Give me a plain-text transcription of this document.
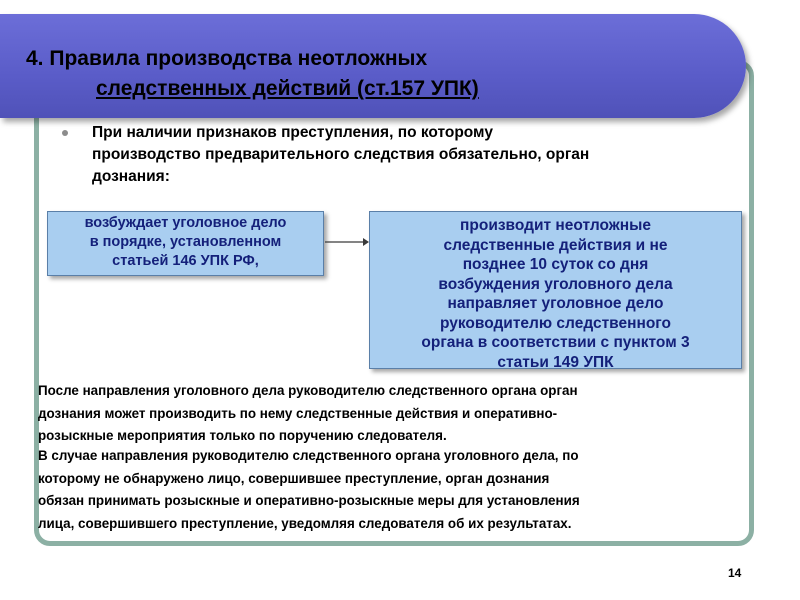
4. Правила производства неотложных
следственных действий (ст.157 УПК)
При наличии признаков преступления, по которому
производство предварительного следствия обязательно, орган
дознания:
возбуждает уголовное дело
в порядке, установленном
статьей 146 УПК РФ,
производит неотложные
следственные действия и не
позднее 10 суток со дня
возбуждения уголовного дела
направляет уголовное дело
руководителю следственного
органа в соответствии с пунктом 3
статьи 149 УПК
После направления уголовного дела руководителю следственного органа орган
дознания может производить по нему следственные действия и оперативно-
розыскные мероприятия только по поручению следователя.
В случае направления руководителю следственного органа уголовного дела, по
которому не обнаружено лицо, совершившее преступление, орган дознания
обязан принимать розыскные и оперативно-розыскные меры для установления
лица, совершившего преступление, уведомляя следователя об их результатах.
14
